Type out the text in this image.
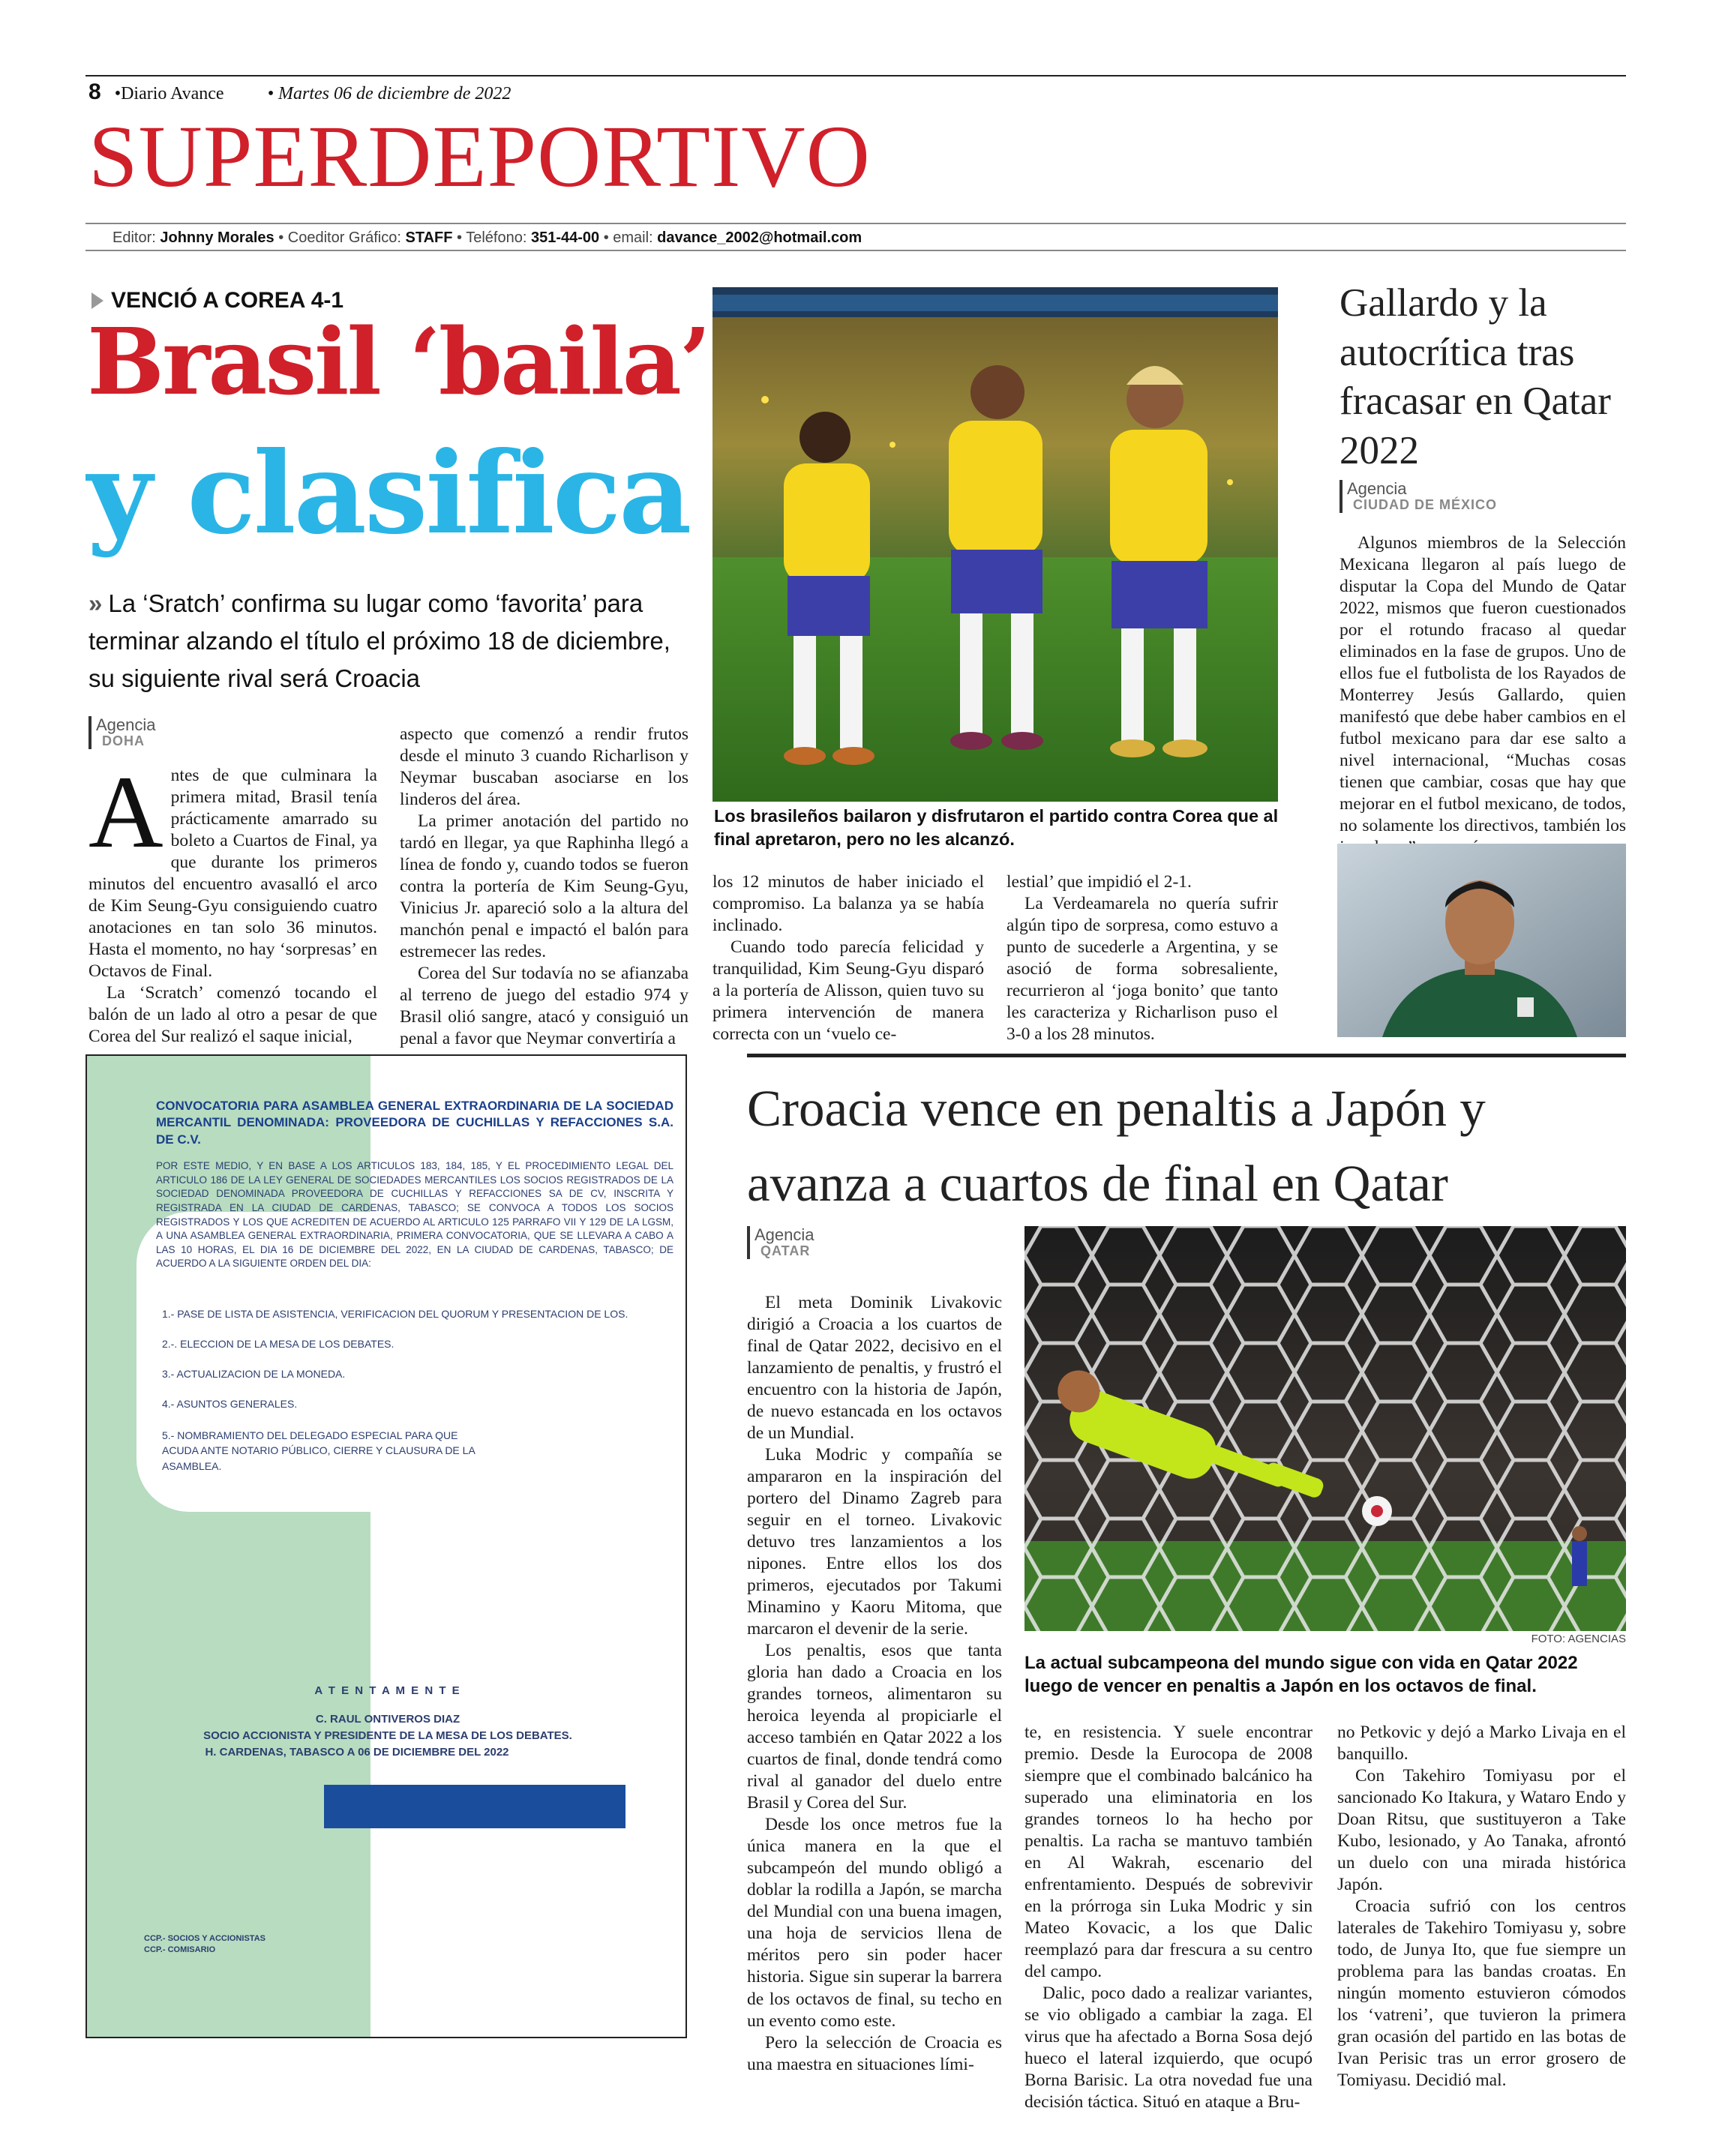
8 •Diario Avance • Martes 06 de diciembre de 2022
SUPERDEPORTIVO
Editor: Johnny Morales • Coeditor Gráfico: STAFF • Teléfono: 351-44-00 • email: davance_2002@hotmail.com
VENCIÓ A COREA 4-1
Brasil ‘baila’
y clasifica
» La ‘Sratch’ confirma su lugar como ‘favorita’ para terminar alzando el título el próximo 18 de diciembre, su siguiente rival será Croacia
Agencia
DOHA
A ntes de que culminara la primera mitad, Brasil tenía prácticamente amarrado su boleto a Cuartos de Final, ya que durante los primeros minutos del encuentro avasalló el arco de Kim Seung-Gyu consiguiendo cuatro anotaciones en tan solo 36 minutos. Hasta el momento, no hay ‘sorpresas’ en Octavos de Final.

La ‘Scratch’ comenzó tocando el balón de un lado al otro a pesar de que Corea del Sur realizó el saque inicial,

aspecto que comenzó a rendir frutos desde el minuto 3 cuando Richarlison y Neymar buscaban asociarse en los linderos del área.

La primer anotación del partido no tardó en llegar, ya que Raphinha llegó a línea de fondo y, cuando todos se fueron contra la portería de Kim Seung-Gyu, Vinicius Jr. apareció solo a la altura del manchón penal e impactó el balón para estremecer las redes.

Corea del Sur todavía no se afianzaba al terreno de juego del estadio 974 y Brasil olió sangre, atacó y consiguió un penal a favor que Neymar convertiría a

los 12 minutos de haber iniciado el compromiso. La balanza ya se había inclinado.

Cuando todo parecía felicidad y tranquilidad, Kim Seung-Gyu disparó a la portería de Alisson, quien tuvo su primera intervención de manera correcta con un ‘vuelo ce-

lestial’ que impidió el 2-1.

La Verdeamarela no quería sufrir algún tipo de sorpresa, como estuvo a punto de sucederle a Argentina, y se asoció de forma sobresaliente, recurrieron al ‘joga bonito’ que tanto les caracteriza y Richarlison puso el 3-0 a los 28 minutos.

Los brasileños bailaron y disfrutaron el partido contra Corea que al final apretaron, pero no les alcanzó.
Gallardo y la autocrítica tras fracasar en Qatar 2022
Agencia
CIUDAD DE MÉXICO

Algunos miembros de la Selección Mexicana llegaron al país luego de disputar la Copa del Mundo de Qatar 2022, mismos que fueron cuestionados por el rotundo fracaso al quedar eliminados en la fase de grupos. Uno de ellos fue el futbolista de los Rayados de Monterrey Jesús Gallardo, quien manifestó que debe haber cambios en el futbol mexicano para dar ese salto a nivel internacional, “Muchas cosas tienen que cambiar, cosas que hay que mejorar en el futbol mexicano, de todos, no solamente los directivos, también los

Croacia vence en penaltis a Japón y avanza a cuartos de final en Qatar
Agencia
QATAR

El meta Dominik Livakovic dirigió a Croacia a los cuartos de final de Qatar 2022, decisivo en el lanzamiento de penaltis, y frustró el encuentro con la historia de Japón, de nuevo estancada en los octavos de un Mundial.

Luka Modric y compañía se ampararon en la inspiración del portero del Dinamo Zagreb para seguir en el torneo. Livakovic detuvo tres lanzamientos a los nipones. Entre ellos los dos primeros, ejecutados por Takumi Minamino y Kaoru Mitoma, que marcaron el devenir de la serie.

Los penaltis, esos que tanta gloria han dado a Croacia en los grandes torneos, alimentaron su heroica leyenda al propiciarle el acceso también en Qatar 2022 a los cuartos de final, donde tendrá como rival al ganador del duelo entre Brasil y Corea del Sur.

Desde los once metros fue la única manera en la que el subcampeón del mundo obligó a doblar la rodilla a Japón, se marcha del Mundial con una buena imagen, una hoja de servicios llena de méritos pero sin poder hacer historia. Sigue sin superar la barrera de los octavos de final, su techo en un evento como este.

Pero la selección de Croacia es una maestra en situaciones lími-

FOTO: AGENCIAS
La actual subcampeona del mundo sigue con vida en Qatar 2022 luego de vencer en penaltis a Japón en los octavos de final.

te, en resistencia. Y suele encontrar premio. Desde la Eurocopa de 2008 siempre que el combinado balcánico ha superado una eliminatoria en los grandes torneos lo ha hecho por penaltis. La racha se mantuvo también en Al Wakrah, escenario del enfrentamiento. Después de sobrevivir en la prórroga sin Luka Modric y sin Mateo Kovacic, a los que Dalic reemplazó para dar frescura a su centro del campo.

Dalic, poco dado a realizar variantes, se vio obligado a cambiar la zaga. El virus que ha afectado a Borna Sosa dejó hueco el lateral izquierdo, que ocupó Borna Barisic. La otra novedad fue una decisión táctica. Situó en ataque a Bru-

no Petkovic y dejó a Marko Livaja en el banquillo.

Con Takehiro Tomiyasu por el sancionado Ko Itakura, y Wataro Endo y Doan Ritsu, que sustituyeron a Take Kubo, lesionado, y Ao Tanaka, afrontó un duelo con una mirada histórica Japón.

Croacia sufrió con los centros laterales de Takehiro Tomiyasu y, sobre todo, de Junya Ito, que fue siempre un problema para las bandas croatas. En ningún momento estuvieron cómodos los ‘vatreni’, que tuvieron la primera gran ocasión del partido en las botas de Ivan Perisic tras un error grosero de Tomiyasu. Decidió mal.

CONVOCATORIA PARA ASAMBLEA GENERAL EXTRAORDINARIA DE LA SOCIEDAD MERCANTIL DENOMINADA: PROVEEDORA DE CUCHILLAS Y REFACCIONES S.A. DE C.V.
POR ESTE MEDIO, Y EN BASE A LOS ARTICULOS 183, 184, 185, Y EL PROCEDIMIENTO LEGAL DEL ARTICULO 186 DE LA LEY GENERAL DE SOCIEDADES MERCANTILES LOS SOCIOS REGISTRADOS DE LA SOCIEDAD DENOMINADA PROVEEDORA DE CUCHILLAS Y REFACCIONES SA DE CV, INSCRITA Y REGISTRADA EN LA CIUDAD DE CARDENAS, TABASCO; SE CONVOCA A TODOS LOS SOCIOS REGISTRADOS Y LOS QUE ACREDITEN DE ACUERDO AL ARTICULO 125 PARRAFO VII Y 129 DE LA LGSM, A UNA ASAMBLEA GENERAL EXTRAORDINARIA, PRIMERA CONVOCATORIA, QUE SE LLEVARA A CABO A LAS 10 HORAS, EL DIA 16 DE DICIEMBRE DEL 2022, EN LA CIUDAD DE CARDENAS, TABASCO; DE ACUERDO A LA SIGUIENTE ORDEN DEL DIA:
1.- PASE DE LISTA DE ASISTENCIA, VERIFICACION DEL QUORUM Y PRESENTACION DE LOS.
2.-. ELECCION DE LA MESA DE LOS DEBATES.
3.- ACTUALIZACION DE LA MONEDA.
4.- ASUNTOS GENERALES.
5.- NOMBRAMIENTO DEL DELEGADO ESPECIAL PARA QUE ACUDA ANTE NOTARIO PÚBLICO, CIERRE Y CLAUSURA DE LA ASAMBLEA.
A T E N T A M E N T E
C. RAUL ONTIVEROS DIAZ
SOCIO ACCIONISTA Y PRESIDENTE DE LA MESA DE LOS DEBATES.
H. CARDENAS, TABASCO A 06 DE DICIEMBRE DEL 2022
CCP.- SOCIOS Y ACCIONISTAS
CCP.- COMISARIO
